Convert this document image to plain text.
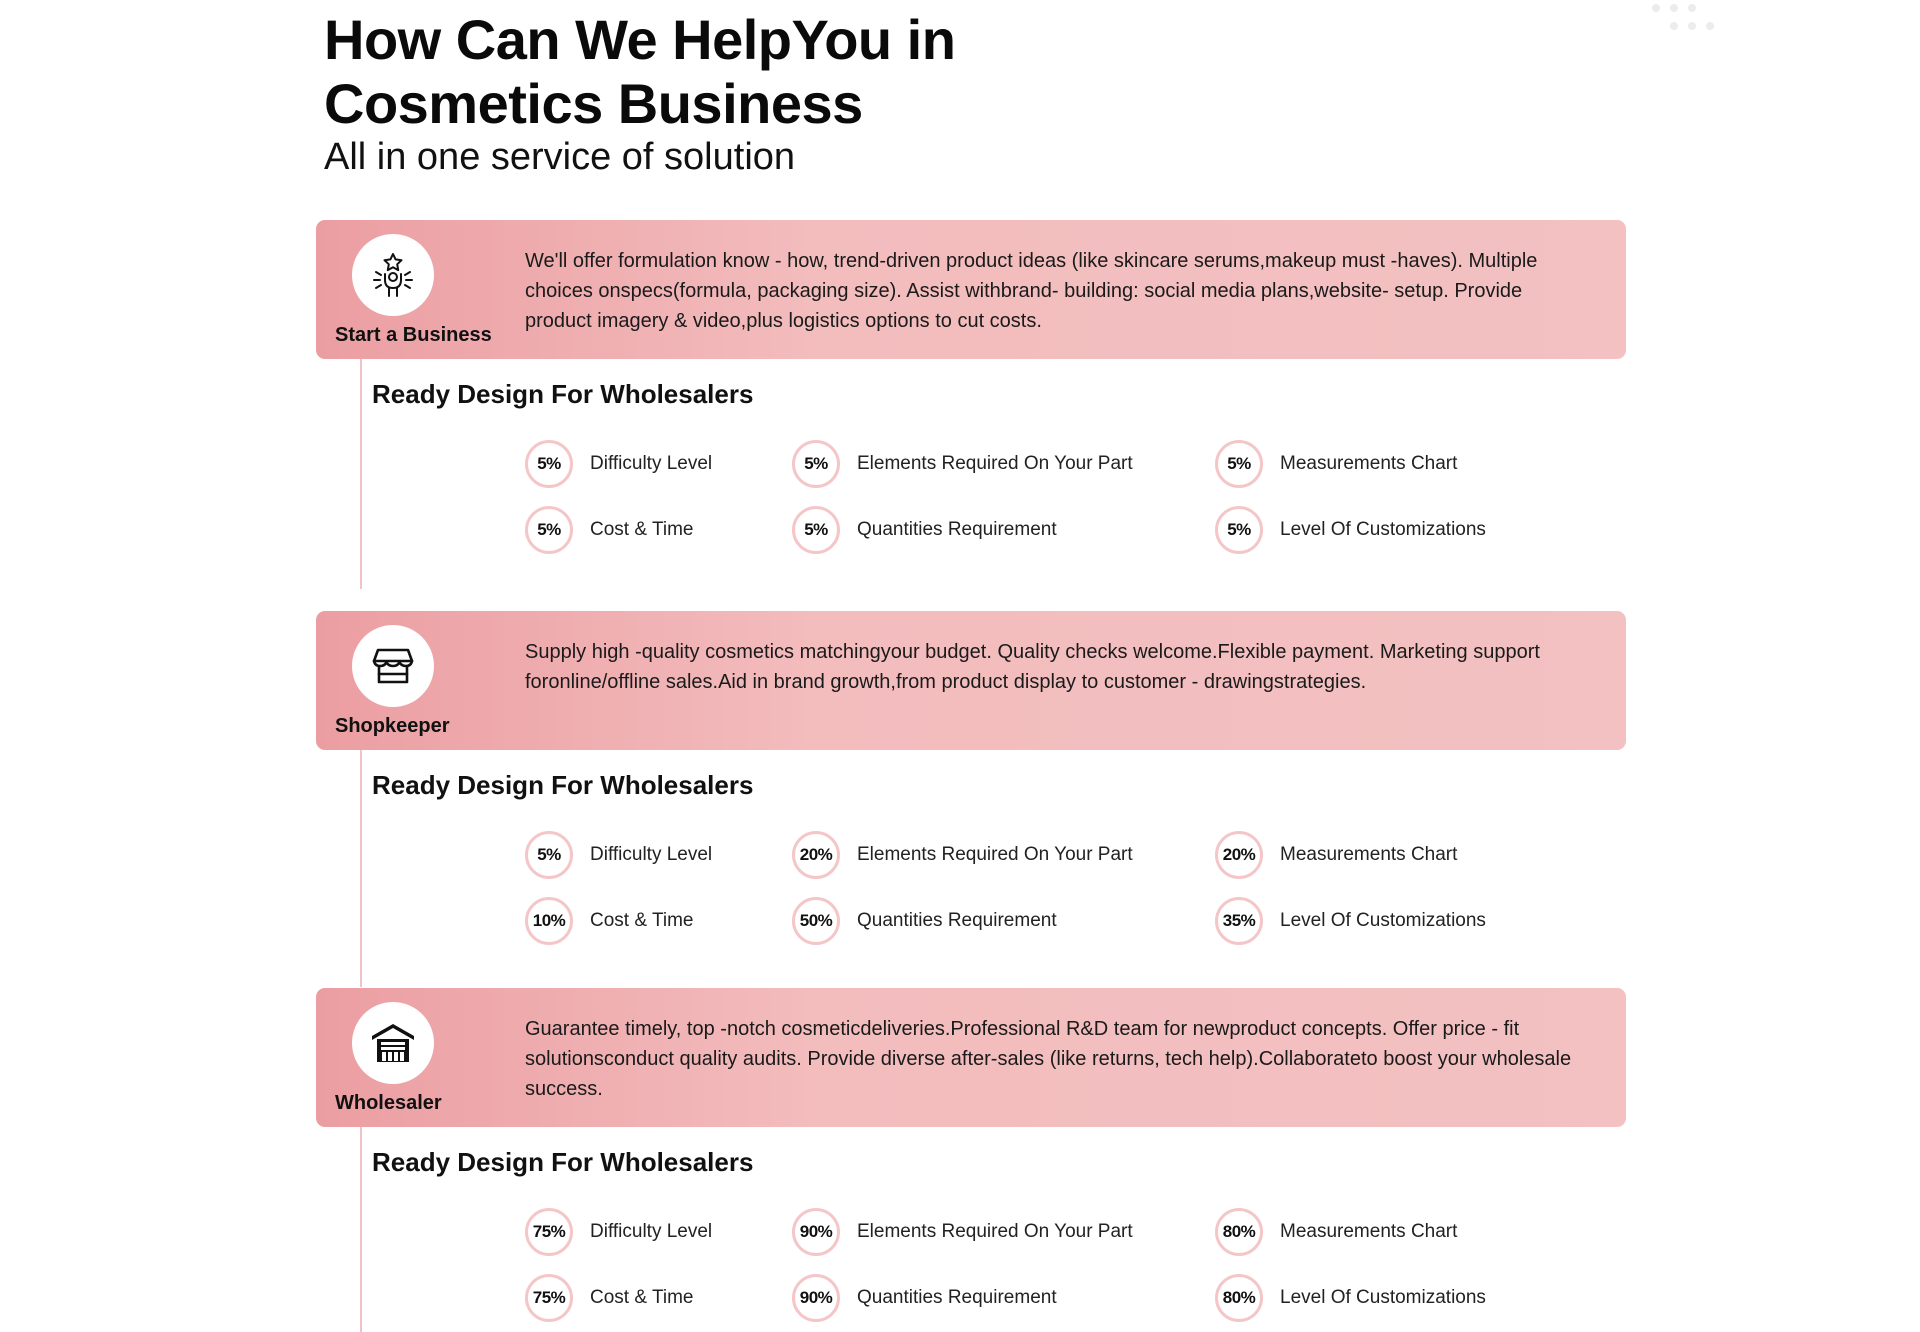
How Can We HelpYou in Cosmetics Business
All in one service of solution
Start a Business
We'll offer formulation know - how, trend-driven product ideas (like skincare serums,makeup must -haves). Multiple choices onspecs(formula, packaging size). Assist withbrand- building: social media plans,website- setup. Provide product imagery & video,plus logistics options to cut costs.
Ready Design For Wholesalers
5%	Difficulty Level	5%	Elements Required On Your Part	5%	Measurements Chart
5%	Cost & Time	5%	Quantities Requirement	5%	Level Of Customizations
Shopkeeper
Supply high -quality cosmetics matchingyour budget. Quality checks welcome.Flexible payment. Marketing support foronline/offline sales.Aid in brand growth,from product display to customer - drawingstrategies.
Ready Design For Wholesalers
5%	Difficulty Level	20%	Elements Required On Your Part	20%	Measurements Chart
10%	Cost & Time	50%	Quantities Requirement	35%	Level Of Customizations
Wholesaler
Guarantee timely, top -notch cosmeticdeliveries.Professional R&D team for newproduct concepts. Offer price - fit solutionsconduct quality audits. Provide diverse after-sales (like returns, tech help).Collaborateto boost your wholesale success.
Ready Design For Wholesalers
75%	Difficulty Level	90%	Elements Required On Your Part	80%	Measurements Chart
75%	Cost & Time	90%	Quantities Requirement	80%	Level Of Customizations
